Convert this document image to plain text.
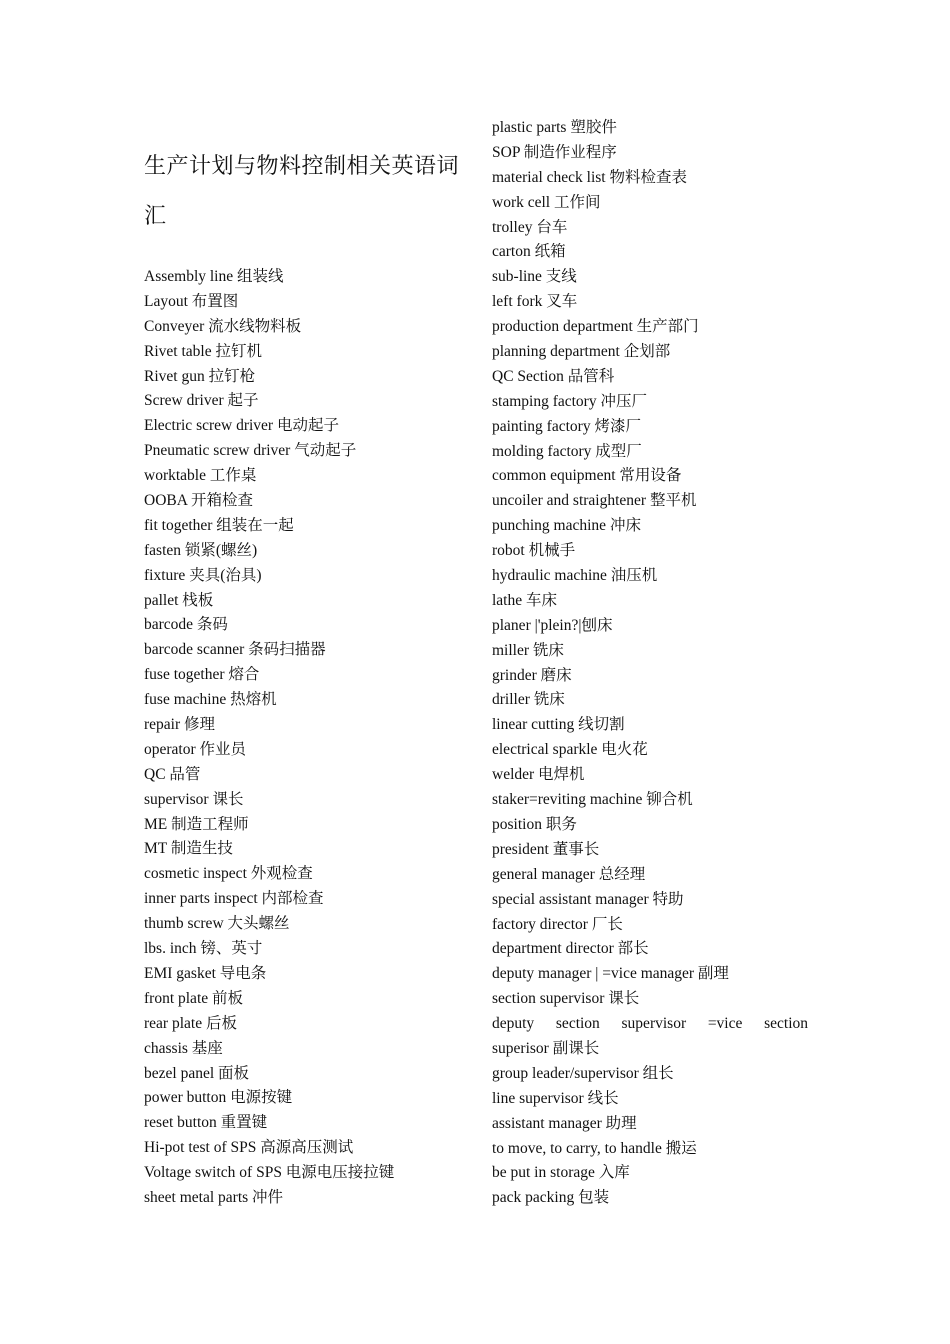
生产计划与物料控制相关英语词汇
Assembly line 组装线
Layout 布置图
Conveyer 流水线物料板
Rivet table 拉钉机
Rivet gun 拉钉枪
Screw driver 起子
Electric screw driver 电动起子
Pneumatic screw driver 气动起子
worktable 工作桌
OOBA 开箱检查
fit together 组装在一起
fasten 锁紧(螺丝)
fixture 夹具(治具)
pallet 栈板
barcode 条码
barcode scanner 条码扫描器
fuse together 熔合
fuse machine 热熔机
repair 修理
operator 作业员
QC 品管
supervisor 课长
ME 制造工程师
MT 制造生技
cosmetic inspect 外观检查
inner parts inspect 内部检查
thumb screw 大头螺丝
lbs. inch 镑、英寸
EMI gasket 导电条
front plate 前板
rear plate 后板
chassis 基座
bezel panel 面板
power button 电源按键
reset button 重置键
Hi-pot test of SPS 高源高压测试
Voltage switch of SPS 电源电压接拉键
sheet metal parts 冲件
plastic parts 塑胶件
SOP 制造作业程序
material check list 物料检查表
work cell 工作间
trolley 台车
carton 纸箱
sub-line 支线
left fork 叉车
production department 生产部门
planning department 企划部
QC Section 品管科
stamping factory 冲压厂
painting factory 烤漆厂
molding factory 成型厂
common equipment 常用设备
uncoiler and straightener 整平机
punching machine 冲床
robot 机械手
hydraulic machine 油压机
lathe 车床
planer |'plein?|刨床
miller 铣床
grinder 磨床
driller 铣床
linear cutting 线切割
electrical sparkle 电火花
welder 电焊机
staker=reviting machine 铆合机
position 职务
president 董事长
general manager 总经理
special assistant manager 特助
factory director 厂长
department director 部长
deputy manager | =vice manager 副理
section supervisor 课长
deputy section supervisor =vice section
superisor 副课长
group leader/supervisor 组长
line supervisor 线长
assistant manager 助理
to move, to carry, to handle 搬运
be put in storage 入库
pack packing 包装
